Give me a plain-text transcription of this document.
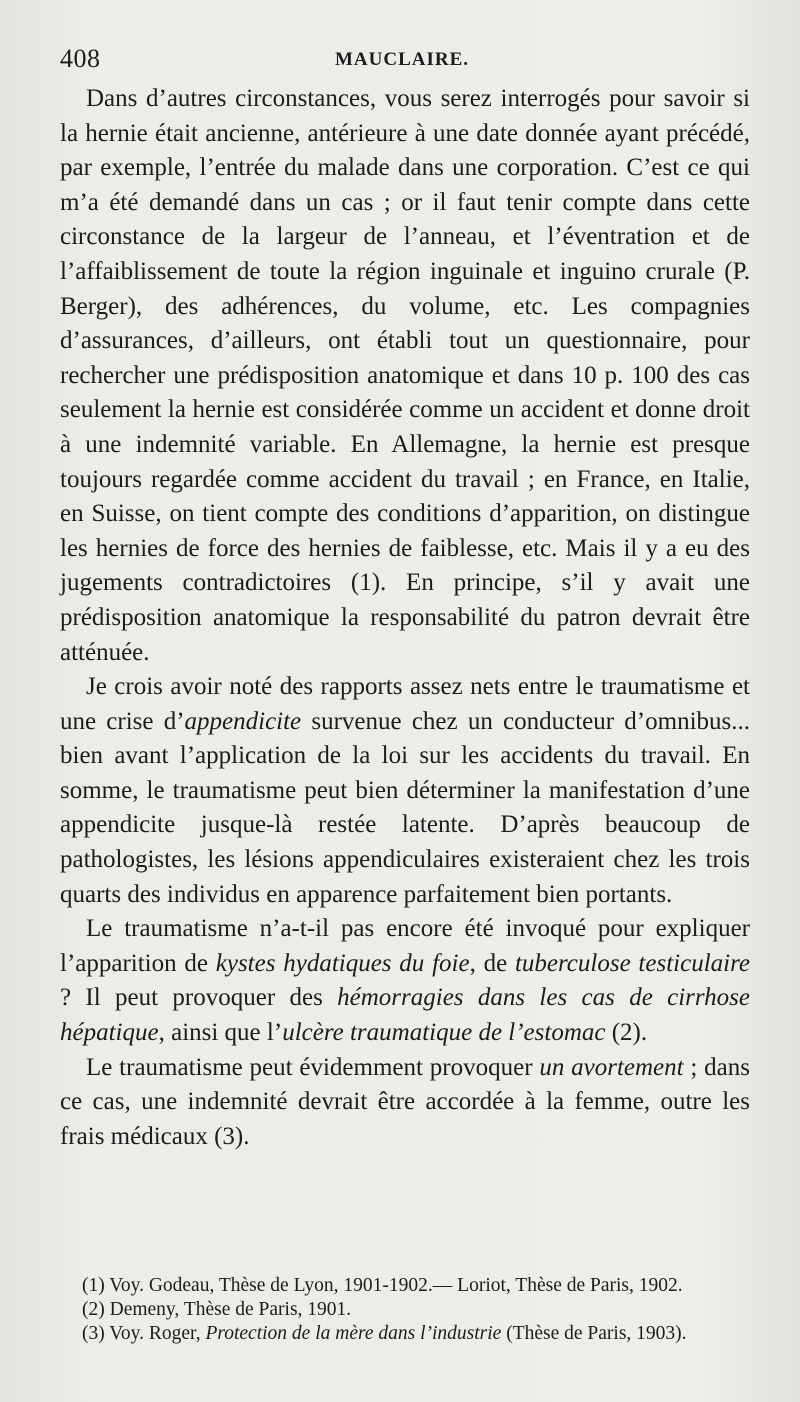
408	MAUCLAIRE.

Dans d’autres circonstances, vous serez interrogés pour savoir si la hernie était ancienne, antérieure à une date donnée ayant précédé, par exemple, l’entrée du malade dans une corporation. C’est ce qui m’a été demandé dans un cas ; or il faut tenir compte dans cette circonstance de la largeur de l’anneau, et l’éventration et de l’affaiblissement de toute la région inguinale et inguino crurale (P. Berger), des adhérences, du volume, etc. Les compagnies d’assurances, d’ailleurs, ont établi tout un questionnaire, pour rechercher une prédisposition anatomique et dans 10 p. 100 des cas seulement la hernie est considérée comme un accident et donne droit à une indemnité variable. En Allemagne, la hernie est presque toujours regardée comme accident du travail ; en France, en Italie, en Suisse, on tient compte des conditions d’apparition, on distingue les hernies de force des hernies de faiblesse, etc. Mais il y a eu des jugements contradictoires (1). En principe, s’il y avait une prédisposition anatomique la responsabilité du patron devrait être atténuée.

Je crois avoir noté des rapports assez nets entre le traumatisme et une crise d’appendicite survenue chez un conducteur d’omnibus... bien avant l’application de la loi sur les accidents du travail. En somme, le traumatisme peut bien déterminer la manifestation d’une appendicite jusque-là restée latente. D’après beaucoup de pathologistes, les lésions appendiculaires existeraient chez les trois quarts des individus en apparence parfaitement bien portants.

Le traumatisme n’a-t-il pas encore été invoqué pour expliquer l’apparition de kystes hydatiques du foie, de tuberculose testiculaire ? Il peut provoquer des hémorragies dans les cas de cirrhose hépatique, ainsi que l’ulcère traumatique de l’estomac (2).

Le traumatisme peut évidemment provoquer un avortement ; dans ce cas, une indemnité devrait être accordée à la femme, outre les frais médicaux (3).

(1) Voy. Godeau, Thèse de Lyon, 1901-1902.— Loriot, Thèse de Paris, 1902.

(2) Demeny, Thèse de Paris, 1901.

(3) Voy. Roger, Protection de la mère dans l’industrie (Thèse de Paris, 1903).
